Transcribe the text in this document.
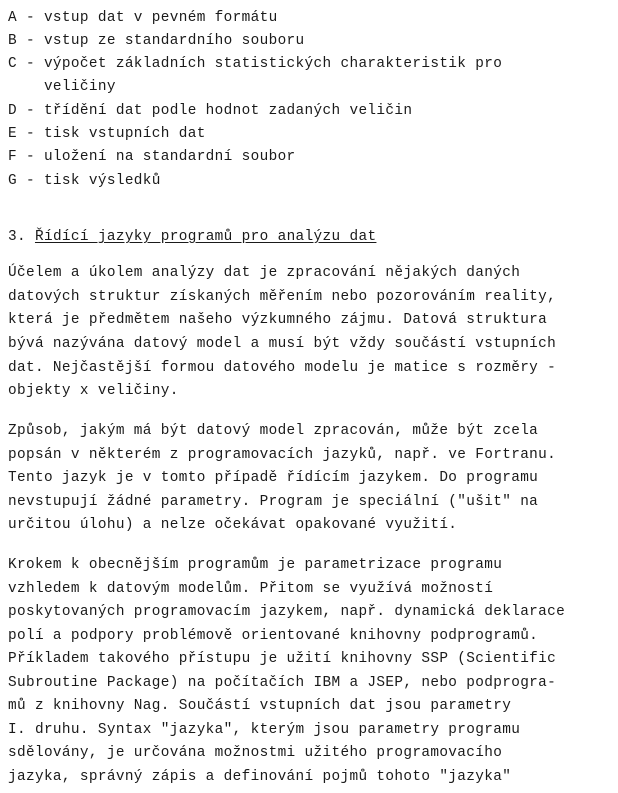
A - vstup dat v pevném formátu
B - vstup ze standardního souboru
C - výpočet základních statistických charakteristik pro
veličiny
D - třídění dat podle hodnot zadaných veličin
E - tisk vstupních dat
F - uložení na standardní soubor
G - tisk výsledků
3. Řídící jazyky programů pro analýzu dat
Účelem a úkolem analýzy dat je zpracování nějakých daných
datových struktur získaných měřením nebo pozorováním reality,
která je předmětem našeho výzkumného zájmu. Datová struktura
bývá nazývána datový model a musí být vždy součástí vstupních
dat. Nejčastější formou datového modelu je matice s rozměry -
objekty x veličiny.
Způsob, jakým má být datový model zpracován, může být zcela
popsán v některém z programovacích jazyků, např. ve Fortranu.
Tento jazyk je v tomto případě řídícím jazykem. Do programu
nevstupují žádné parametry. Program je speciální ("ušit" na
určitou úlohu) a nelze očekávat opakované využití.
Krokem k obecnějším programům je parametrizace programu
vzhledem k datovým modelům. Přitom se využívá možností
poskytovaných programovacím jazykem, např. dynamická deklarace
polí a podpory problémově orientované knihovny podprogramů.
Příkladem takového přístupu je užití knihovny SSP (Scientific
Subroutine Package) na počítačích IBM a JSEP, nebo podprogra-
mů z knihovny Nag. Součástí vstupních dat jsou parametry
I. druhu. Syntax "jazyka", kterým jsou parametry programu
sdělovány, je určována možnostmi užitého programovacího
jazyka, správný zápis a definování pojmů tohoto "jazyka"
